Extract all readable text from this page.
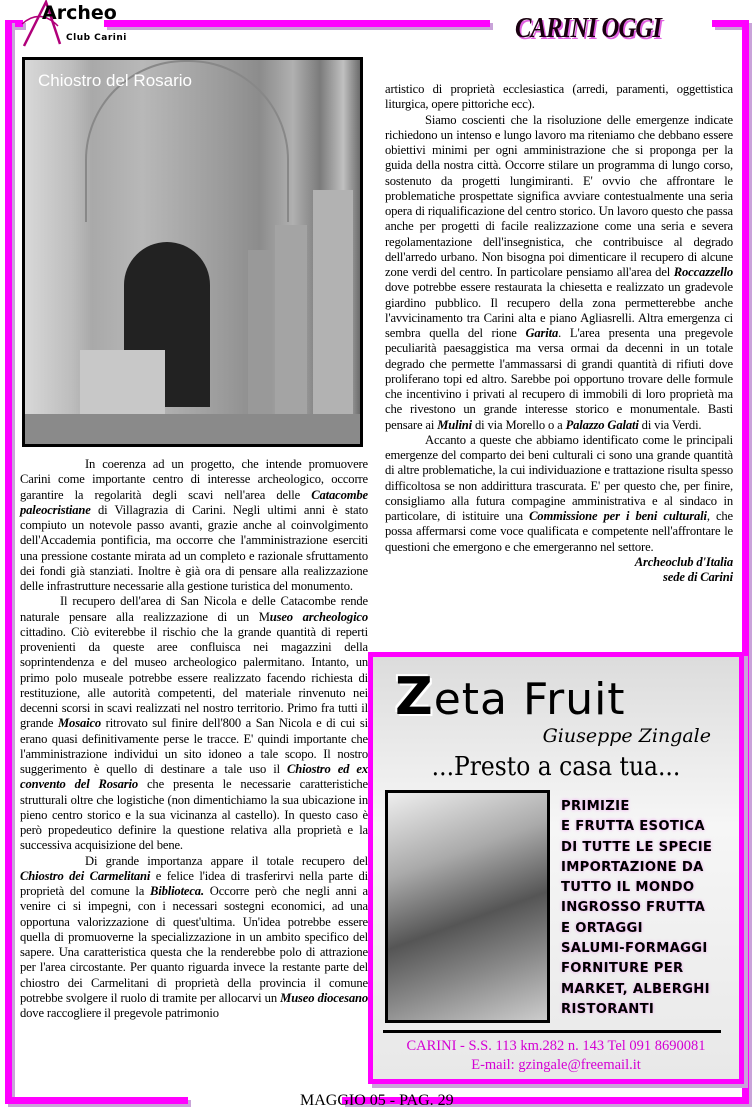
Archeo
Club Carini	CARINI OGGI
Chiostro del Rosario

In coerenza ad un progetto, che intende promuovere Carini come importante centro di interesse archeologico, occorre garantire la regolarità degli scavi nell'area delle Catacombe paleocristiane di Villagrazia di Carini. Negli ultimi anni è stato compiuto un notevole passo avanti, grazie anche al coinvolgimento dell'Accademia pontificia, ma occorre che l'amministrazione eserciti una pressione costante mirata ad un completo e razionale sfruttamento dei fondi già stanziati. Inoltre è già ora di pensare alla realizzazione delle infrastrutture necessarie alla gestione turistica del monumento.

Il recupero dell'area di San Nicola e delle Catacombe rende naturale pensare alla realizzazione di un Museo archeologico cittadino. Ciò eviterebbe il rischio che la grande quantità di reperti provenienti da queste aree confluisca nei magazzini della soprintendenza e del museo archeologico palermitano. Intanto, un primo polo museale potrebbe essere realizzato facendo richiesta di restituzione, alle autorità competenti, del materiale rinvenuto nei decenni scorsi in scavi realizzati nel nostro territorio. Primo fra tutti il grande Mosaico ritrovato sul finire dell'800 a San Nicola e di cui si erano quasi definitivamente perse le tracce. E' quindi importante che l'amministrazione individui un sito idoneo a tale scopo. Il nostro suggerimento è quello di destinare a tale uso il Chiostro ed ex convento del Rosario che presenta le necessarie caratteristiche strutturali oltre che logistiche (non dimentichiamo la sua ubicazione in pieno centro storico e la sua vicinanza al castello). In questo caso è però propedeutico definire la questione relativa alla proprietà e la successiva acquisizione del bene.

Di grande importanza appare il totale recupero del Chiostro dei Carmelitani e felice l'idea di trasferirvi nella parte di proprietà del comune la Biblioteca. Occorre però che negli anni a venire ci si impegni, con i necessari sostegni economici, ad una opportuna valorizzazione di quest'ultima. Un'idea potrebbe essere quella di promuoverne la specializzazione in un ambito specifico del sapere. Una caratteristica questa che la renderebbe polo di attrazione per l'area circostante. Per quanto riguarda invece la restante parte del chiostro dei Carmelitani di proprietà della provincia il comune potrebbe svolgere il ruolo di tramite per allocarvi un Museo diocesano dove raccogliere il pregevole patrimonio

artistico di proprietà ecclesiastica (arredi, paramenti, oggettistica liturgica, opere pittoriche ecc).

Siamo coscienti che la risoluzione delle emergenze indicate richiedono un intenso e lungo lavoro ma riteniamo che debbano essere obiettivi minimi per ogni amministrazione che si proponga per la guida della nostra città. Occorre stilare un programma di lungo corso, sostenuto da progetti lungimiranti. E' ovvio che affrontare le problematiche prospettate significa avviare contestualmente una seria opera di riqualificazione del centro storico. Un lavoro questo che passa anche per progetti di facile realizzazione come una seria e severa regolamentazione dell'insegnistica, che contribuisce al degrado dell'arredo urbano. Non bisogna poi dimenticare il recupero di alcune zone verdi del centro. In particolare pensiamo all'area del Roccazzello dove potrebbe essere restaurata la chiesetta e realizzato un gradevole giardino pubblico. Il recupero della zona permetterebbe anche l'avvicinamento tra Carini alta e piano Agliasrelli. Altra emergenza ci sembra quella del rione Garita. L'area presenta una pregevole peculiarità paesaggistica ma versa ormai da decenni in un totale degrado che permette l'ammassarsi di grandi quantità di rifiuti dove proliferano topi ed altro. Sarebbe poi opportuno trovare delle formule che incentivino i privati al recupero di immobili di loro proprietà ma che rivestono un grande interesse storico e monumentale. Basti pensare ai Mulini di via Morello o a Palazzo Galati di via Verdi.

Accanto a queste che abbiamo identificato come le principali emergenze del comparto dei beni culturali ci sono una grande quantità di altre problematiche, la cui individuazione e trattazione risulta spesso difficoltosa se non addirittura trascurata. E' per questo che, per finire, consigliamo alla futura compagine amministrativa e al sindaco in particolare, di istituire una Commissione per i beni culturali, che possa affermarsi come voce qualificata e competente nell'affrontare le questioni che emergono e che emergeranno nel settore.

Archeoclub d'Italia

sede di Carini

Zeta Fruit
Giuseppe Zingale
...Presto a casa tua...
PRIMIZIE
E FRUTTA ESOTICA
DI TUTTE LE SPECIE
IMPORTAZIONE DA
TUTTO IL MONDO
INGROSSO FRUTTA
E ORTAGGI
SALUMI-FORMAGGI
FORNITURE PER
MARKET, ALBERGHI
RISTORANTI
CARINI - S.S. 113 km.282 n. 143 Tel 091 8690081
E-mail: gzingale@freemail.it
MAGGIO 05 - PAG. 29
